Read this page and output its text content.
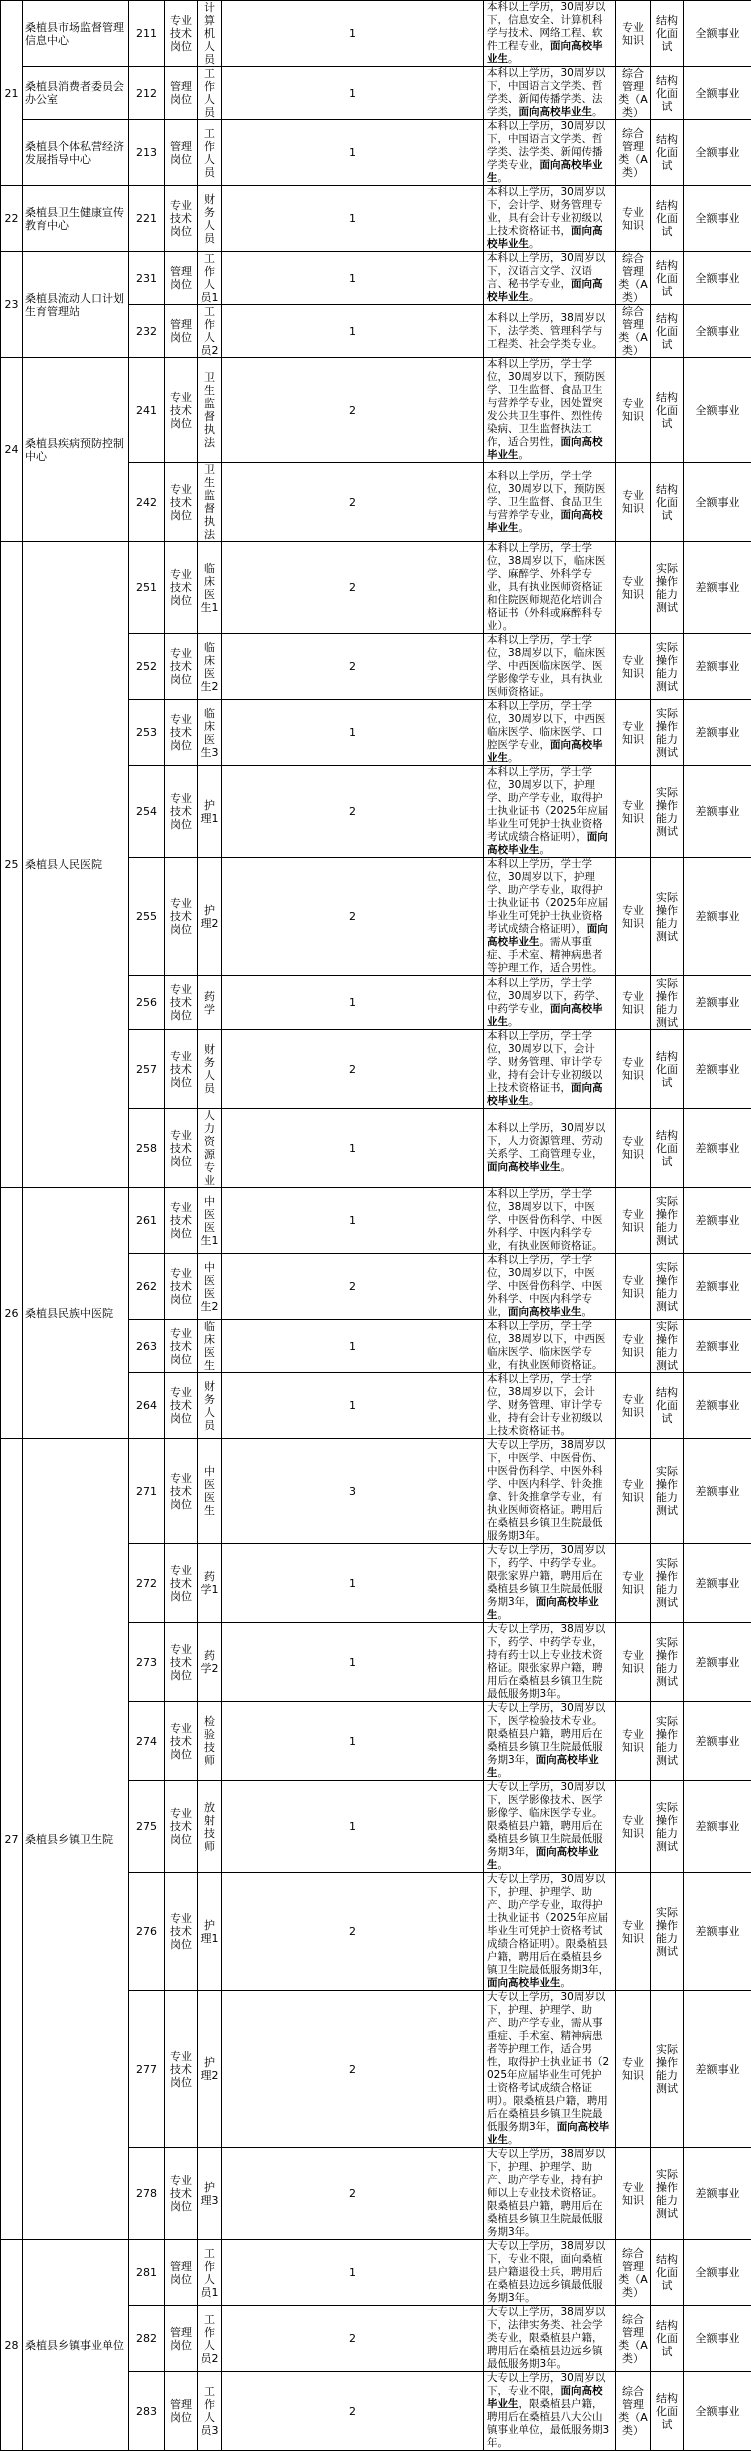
21	桑植县市场监督管理信息中心	211	专业技术岗位	计算机人员	1	本科以上学历，30周岁以下，信息安全、计算机科学与技术、网络工程、软件工程专业，面向高校毕业生。	专业知识	结构化面试	全额事业
	桑植县消费者委员会办公室	212	管理岗位	工作人员	1	本科以上学历，30周岁以下，中国语言文学类、哲学类、新闻传播学类、法学类，面向高校毕业生。	综合管理类（A 类）	结构化面试	全额事业
	桑植县个体私营经济发展指导中心	213	管理岗位	工作人员	1	本科以上学历，30周岁以下，中国语言文学类、哲学类、法学类、新闻传播学类专业，面向高校毕业生。	综合管理类（A 类）	结构化面试	全额事业
22	桑植县卫生健康宣传教育中心	221	专业技术岗位	财务人员	1	本科以上学历，30周岁以下，会计学、财务管理专业，具有会计专业初级以上技术资格证书，面向高校毕业生。	专业知识	结构化面试	全额事业
23	桑植县流动人口计划生育管理站	231	管理岗位	工作人员1	1	本科以上学历，30周岁以下，汉语言文学、汉语言、秘书学专业，面向高校毕业生。	综合管理类（A 类）	结构化面试	全额事业
		232	管理岗位	工作人员2	1	本科以上学历，38周岁以下，法学类、管理科学与工程类、社会学类专业。	综合管理类（A 类）	结构化面试	全额事业
24	桑植县疾病预防控制中心	241	专业技术岗位	卫生监督执法	2	本科以上学历，学士学位，30周岁以下，预防医学、卫生监督、食品卫生与营养学专业，因处置突发公共卫生事件、烈性传染病、卫生监督执法工作，适合男性，面向高校毕业生。	专业知识	结构化面试	全额事业
		242	专业技术岗位	卫生监督执法	2	本科以上学历，学士学位，30周岁以下，预防医学、卫生监督、食品卫生与营养学专业，面向高校毕业生。	专业知识	结构化面试	全额事业
25	桑植县人民医院	251	专业技术岗位	临床医生1	2	本科以上学历，学士学位，38周岁以下，临床医学、麻醉学、外科学专业，具有执业医师资格证和住院医师规范化培训合格证书（外科或麻醉科专业）。	专业知识	实际操作能力测试	差额事业
		252	专业技术岗位	临床医生2	2	本科以上学历，学士学位，38周岁以下，临床医学、中西医临床医学、医学影像学专业，具有执业医师资格证。	专业知识	实际操作能力测试	差额事业
		253	专业技术岗位	临床医生3	1	本科以上学历，学士学位，30周岁以下，中西医临床医学、临床医学、口腔医学专业，面向高校毕业生。	专业知识	实际操作能力测试	差额事业
		254	专业技术岗位	护理1	2	本科以上学历，学士学位，30周岁以下，护理学、助产学专业，取得护士执业证书（2025年应届毕业生可凭护士执业资格考试成绩合格证明），面向高校毕业生。	专业知识	实际操作能力测试	差额事业
		255	专业技术岗位	护理2	2	本科以上学历，学士学位，30周岁以下，护理学、助产学专业，取得护士执业证书（2025年应届毕业生可凭护士执业资格考试成绩合格证明），面向高校毕业生。需从事重症、手术室、精神病患者等护理工作，适合男性。	专业知识	实际操作能力测试	差额事业
		256	专业技术岗位	药学	1	本科以上学历，学士学位，30周岁以下，药学、中药学专业，面向高校毕业生。	专业知识	实际操作能力测试	差额事业
		257	专业技术岗位	财务人员	2	本科以上学历，学士学位，30周岁以下，会计学、财务管理、审计学专业，持有会计专业初级以上技术资格证书，面向高校毕业生。	专业知识	结构化面试	差额事业
		258	专业技术岗位	人力资源专业	1	本科以上学历，30周岁以下，人力资源管理、劳动关系学、工商管理专业，面向高校毕业生。	专业知识	结构化面试	差额事业
26	桑植县民族中医院	261	专业技术岗位	中医医生1	1	本科以上学历，学士学位，38周岁以下，中医学、中医骨伤科学、中医外科学、中医内科学专业，有执业医师资格证。	专业知识	实际操作能力测试	差额事业
		262	专业技术岗位	中医医生2	2	本科以上学历，学士学位，30周岁以下，中医学、中医骨伤科学、中医外科学、中医内科学专业，面向高校毕业生。	专业知识	实际操作能力测试	差额事业
		263	专业技术岗位	临床医生	1	本科以上学历，学士学位，38周岁以下，中西医临床医学、临床医学专业，有执业医师资格证。	专业知识	实际操作能力测试	差额事业
		264	专业技术岗位	财务人员	1	本科以上学历，学士学位，38周岁以下，会计学、财务管理、审计学专业，持有会计专业初级以上技术资格证书。	专业知识	结构化面试	差额事业
27	桑植县乡镇卫生院	271	专业技术岗位	中医医生	3	大专以上学历，38周岁以下，中医学、中医骨伤、中医骨伤科学、中医外科学、中医内科学、针灸推拿、针灸推拿学专业，有执业医师资格证。聘用后在桑植县乡镇卫生院最低服务期3年。	专业知识	实际操作能力测试	差额事业
		272	专业技术岗位	药学1	1	大专以上学历，30周岁以下，药学、中药学专业。限张家界户籍，聘用后在桑植县乡镇卫生院最低服务期3年，面向高校毕业生。	专业知识	实际操作能力测试	差额事业
		273	专业技术岗位	药学2	1	大专以上学历，38周岁以下，药学、中药学专业，持有药士以上专业技术资格证。限张家界户籍，聘用后在桑植县乡镇卫生院最低服务期3年。	专业知识	实际操作能力测试	差额事业
		274	专业技术岗位	检验技师	1	大专以上学历，30周岁以下，医学检验技术专业。限桑植县户籍，聘用后在桑植县乡镇卫生院最低服务期3年，面向高校毕业生。	专业知识	实际操作能力测试	差额事业
		275	专业技术岗位	放射技师	1	大专以上学历，30周岁以下，医学影像技术、医学影像学、临床医学专业。限桑植县户籍，聘用后在桑植县乡镇卫生院最低服务期3年，面向高校毕业生。	专业知识	实际操作能力测试	差额事业
		276	专业技术岗位	护理1	2	大专以上学历，30周岁以下，护理、护理学、助产、助产学专业，取得护士执业证书（2025年应届毕业生可凭护士资格考试成绩合格证明）。限桑植县户籍，聘用后在桑植县乡镇卫生院最低服务期3年，面向高校毕业生。	专业知识	实际操作能力测试	差额事业
		277	专业技术岗位	护理2	2	大专以上学历，30周岁以下，护理、护理学、助产、助产学专业，需从事重症、手术室、精神病患者等护理工作，适合男性，取得护士执业证书（2025年应届毕业生可凭护士资格考试成绩合格证明）。限桑植县户籍，聘用后在桑植县乡镇卫生院最低服务期3年，面向高校毕业生。	专业知识	实际操作能力测试	差额事业
		278	专业技术岗位	护理3	2	大专以上学历，38周岁以下，护理、护理学、助产、助产学专业，持有护师以上专业技术资格证。限桑植县户籍，聘用后在桑植县乡镇卫生院最低服务期3年。	专业知识	实际操作能力测试	差额事业
28	桑植县乡镇事业单位	281	管理岗位	工作人员1	1	大专以上学历，38周岁以下，专业不限，面向桑植县户籍退役士兵，聘用后在桑植县边远乡镇最低服务期3年。	综合管理类（A 类）	结构化面试	全额事业
		282	管理岗位	工作人员2	2	大专以上学历，38周岁以下，法律实务类、社会学类专业，限桑植县户籍，聘用后在桑植县边远乡镇最低服务期3年。	综合管理类（A 类）	结构化面试	全额事业
		283	管理岗位	工作人员3	2	大专以上学历，30周岁以下，专业不限，面向高校毕业生，限桑植县户籍，聘用后在桑植县八大公山镇事业单位，最低服务期3年。	综合管理类（A 类）	结构化面试	全额事业
